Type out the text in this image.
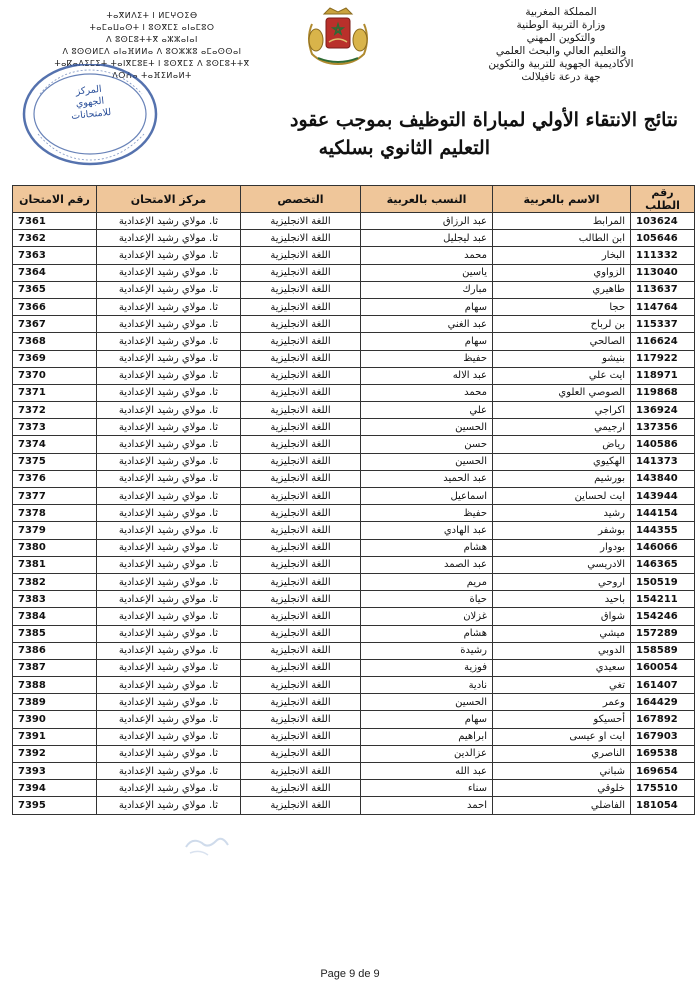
المملكة المغربية
وزارة التربية الوطنية
والتكوين المهني
والتعليم العالي والبحث العلمي
الأكاديمية الجهوية للتربية والتكوين
جهة درعة تافيلالت
ⵜⴰⴳⵍⴷⵉⵜ ⵏ ⵍⵎⵖⵔⵉⴱ
ⵜⴰⵎⴰⵡⴰⵙⵜ ⵏ ⵓⵙⴳⵎⵉ ⴰⵏⴰⵎⵓⵔ
ⴷ ⵓⵙⵎⵓⵜⵜⴳ ⴰⵣⵣⴰⵏⴰⵏ
ⴷ ⵓⵙⵙⵍⵎⴷ ⴰⵏⴰⴼⵍⵍⴰ ⴷ ⵓⵔⵣⵣⵓ ⴰⵎⴰⵙⵙⴰⵏ
ⵜⴰⴽⴰⴷⵉⵎⵉⵜ ⵜⴰⵏⴳⵎⵓⴹⵜ ⵏ ⵓⵙⴳⵎⵉ ⴷ ⵓⵙⵎⵓⵜⵜⴳ
ⴷⵔⵄⴰ ⵜⴰⴼⵉⵍⴰⵍⵜ
المركز
الجهوي
للامتحانات	نتائج الانتقاء الأولي لمباراة التوظيف بموجب عقود
التعليم الثانوي بسلكيه
رقم الطلب	الاسم بالعربية	النسب بالعربية	التخصص	مركز الامتحان	رقم الامتحان
103624	المرابط	عبد الرزاق	اللغة الانجليزية	ثا. مولاي رشيد الإعدادية	7361
105646	ابن الطالب	عبد ليجليل	اللغة الانجليزية	ثا. مولاي رشيد الإعدادية	7362
111332	البخار	محمد	اللغة الانجليزية	ثا. مولاي رشيد الإعدادية	7363
113040	الزواوي	ياسين	اللغة الانجليزية	ثا. مولاي رشيد الإعدادية	7364
113637	طاهيري	مبارك	اللغة الانجليزية	ثا. مولاي رشيد الإعدادية	7365
114764	حجا	سهام	اللغة الانجليزية	ثا. مولاي رشيد الإعدادية	7366
115337	بن لرباح	عبد الغني	اللغة الانجليزية	ثا. مولاي رشيد الإعدادية	7367
116624	الصالحي	سهام	اللغة الانجليزية	ثا. مولاي رشيد الإعدادية	7368
117922	بنيشو	حفيظ	اللغة الانجليزية	ثا. مولاي رشيد الإعدادية	7369
118971	ايت علي	عبد الاله	اللغة الانجليزية	ثا. مولاي رشيد الإعدادية	7370
119868	الصوصي العلوي	محمد	اللغة الانجليزية	ثا. مولاي رشيد الإعدادية	7371
136924	اكراجي	علي	اللغة الانجليزية	ثا. مولاي رشيد الإعدادية	7372
137356	ارجيمي	الحسين	اللغة الانجليزية	ثا. مولاي رشيد الإعدادية	7373
140586	رياض	حسن	اللغة الانجليزية	ثا. مولاي رشيد الإعدادية	7374
141373	الهكيوي	الحسين	اللغة الانجليزية	ثا. مولاي رشيد الإعدادية	7375
143840	بورشيم	عبد الحميد	اللغة الانجليزية	ثا. مولاي رشيد الإعدادية	7376
143944	ايت لحساين	اسماعيل	اللغة الانجليزية	ثا. مولاي رشيد الإعدادية	7377
144154	رشيد	حفيظ	اللغة الانجليزية	ثا. مولاي رشيد الإعدادية	7378
144355	بوشفر	عبد الهادي	اللغة الانجليزية	ثا. مولاي رشيد الإعدادية	7379
146066	بودوار	هشام	اللغة الانجليزية	ثا. مولاي رشيد الإعدادية	7380
146365	الادريسي	عبد الصمد	اللغة الانجليزية	ثا. مولاي رشيد الإعدادية	7381
150519	اروحي	مريم	اللغة الانجليزية	ثا. مولاي رشيد الإعدادية	7382
154211	باحيد	حياة	اللغة الانجليزية	ثا. مولاي رشيد الإعدادية	7383
154246	شواق	غزلان	اللغة الانجليزية	ثا. مولاي رشيد الإعدادية	7384
157289	ميشي	هشام	اللغة الانجليزية	ثا. مولاي رشيد الإعدادية	7385
158589	الدوبي	رشيدة	اللغة الانجليزية	ثا. مولاي رشيد الإعدادية	7386
160054	سعيدي	فوزية	اللغة الانجليزية	ثا. مولاي رشيد الإعدادية	7387
161407	تغي	نادية	اللغة الانجليزية	ثا. مولاي رشيد الإعدادية	7388
164429	وعمر	الحسين	اللغة الانجليزية	ثا. مولاي رشيد الإعدادية	7389
167892	أحسيكو	سهام	اللغة الانجليزية	ثا. مولاي رشيد الإعدادية	7390
167903	ايت او عيسى	ابراهيم	اللغة الانجليزية	ثا. مولاي رشيد الإعدادية	7391
169538	الناصري	عزالدين	اللغة الانجليزية	ثا. مولاي رشيد الإعدادية	7392
169654	شباني	عبد الله	اللغة الانجليزية	ثا. مولاي رشيد الإعدادية	7393
175510	خلوقي	سناء	اللغة الانجليزية	ثا. مولاي رشيد الإعدادية	7394
181054	الفاضلي	احمد	اللغة الانجليزية	ثا. مولاي رشيد الإعدادية	7395
Page 9 de 9
